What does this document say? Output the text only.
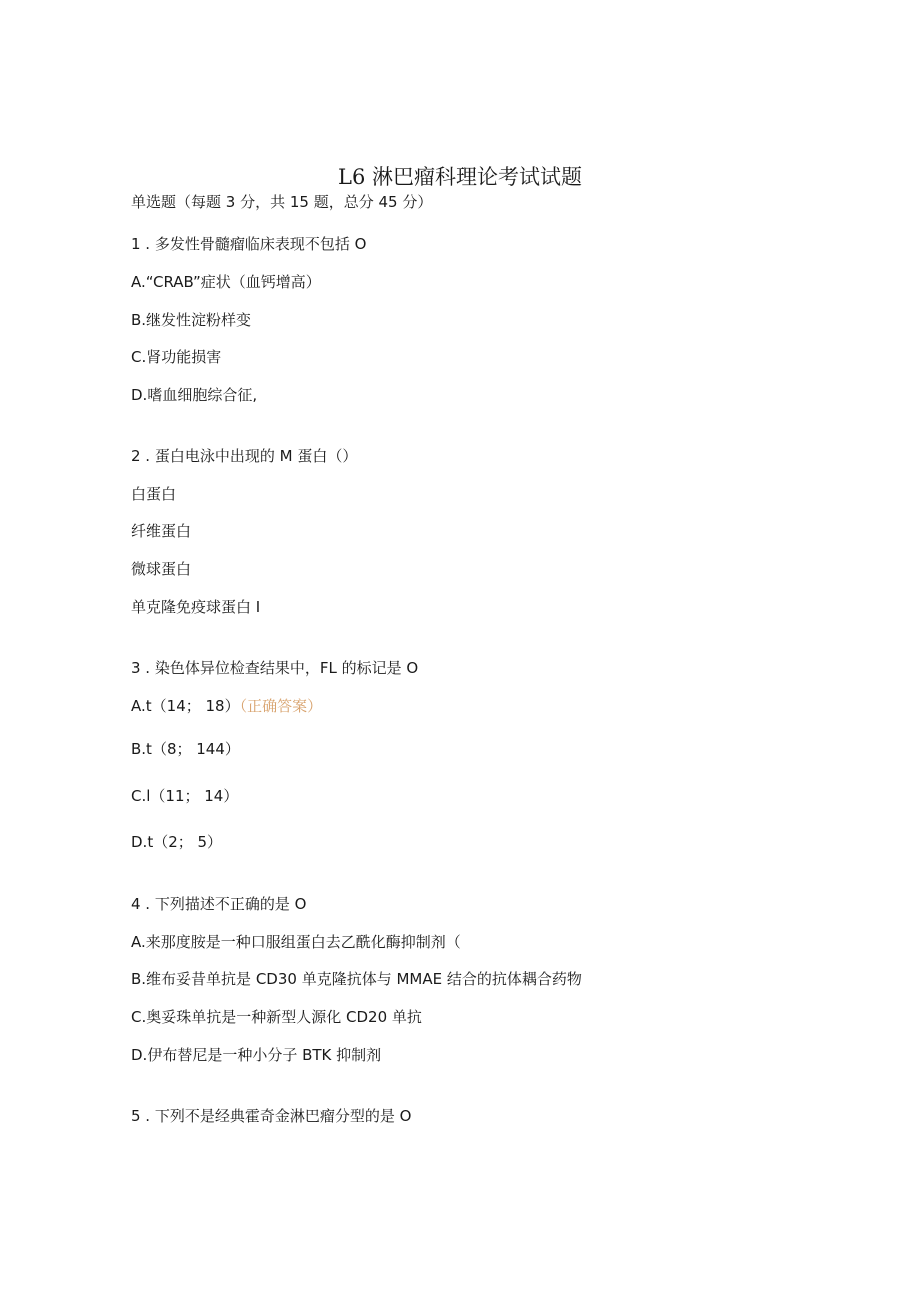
L6 淋巴瘤科理论考试试题
单选题（每题 3 分，共 15 题，总分 45 分）
1 . 多发性骨髓瘤临床表现不包括 O
A.“CRAB”症状（血钙增高）
B.继发性淀粉样变
C.肾功能损害
D.嗜血细胞综合征,
2 . 蛋白电泳中出现的 M 蛋白（）
白蛋白
纤维蛋白
微球蛋白
单克隆免疫球蛋白 I
3 . 染色体异位检查结果中，FL 的标记是 O
A.t（14； 18）（正确答案）
B.t（8； 144）
C.l（11； 14）
D.t（2； 5）
4 . 下列描述不正确的是 O
A.来那度胺是一种口服组蛋白去乙酰化酶抑制剂（
B.维布妥昔单抗是 CD30 单克隆抗体与 MMAE 结合的抗体耦合药物
C.奥妥珠单抗是一种新型人源化 CD20 单抗
D.伊布替尼是一种小分子 BTK 抑制剂
5 . 下列不是经典霍奇金淋巴瘤分型的是 O
